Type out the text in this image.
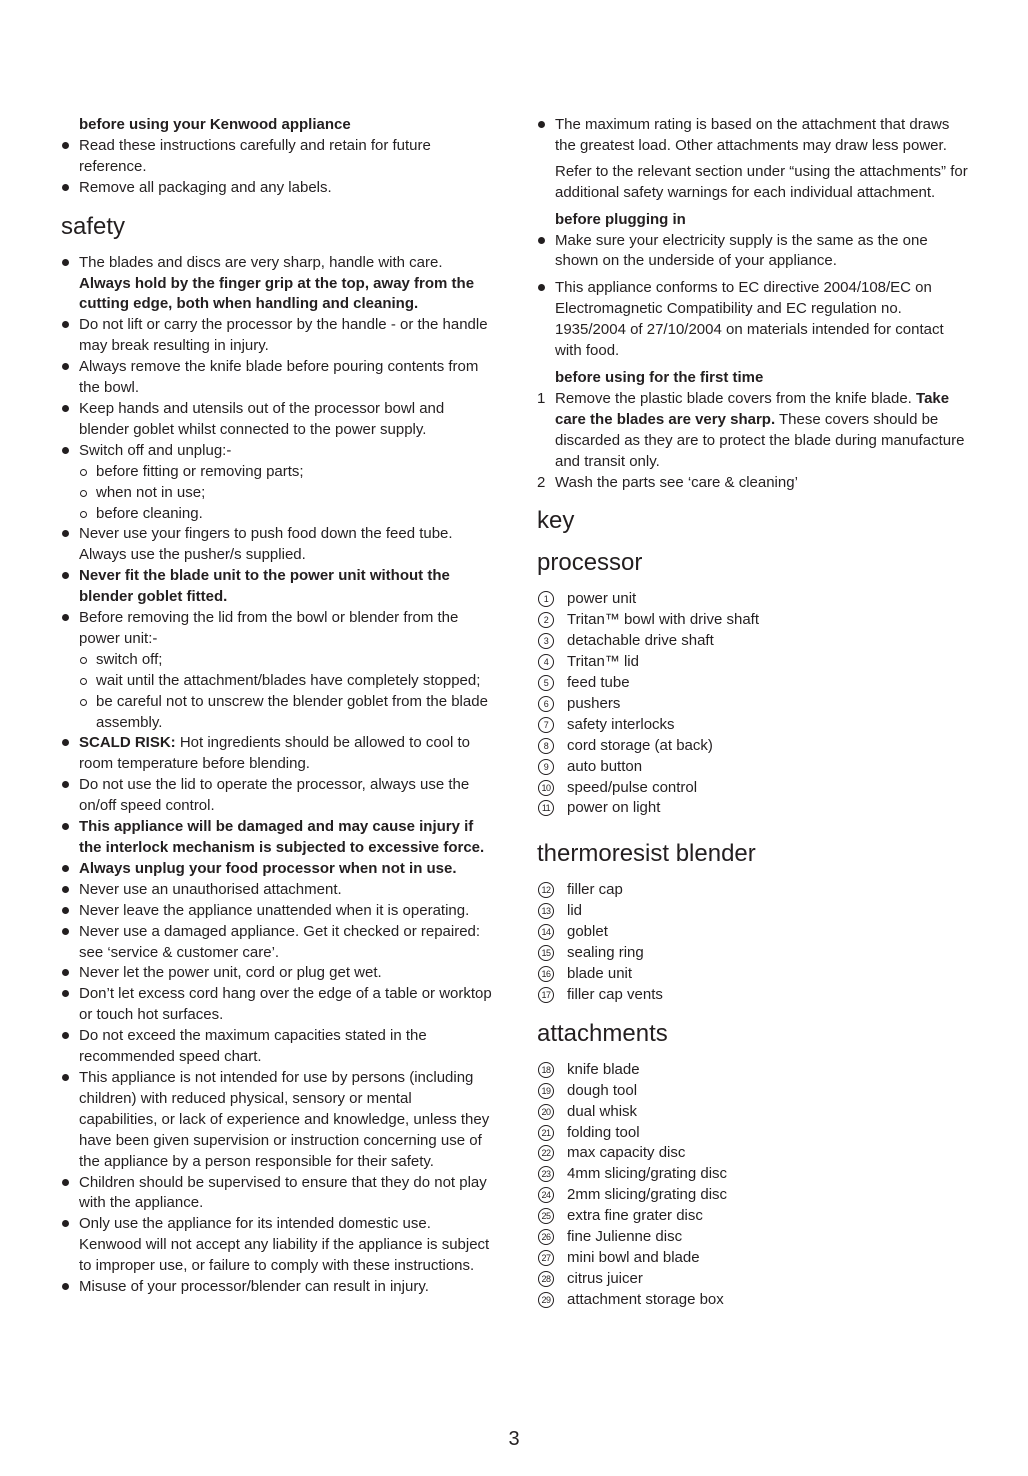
before using your Kenwood appliance

Read these instructions carefully and retain for future reference.
Remove all packaging and any labels.
safety
The blades and discs are very sharp, handle with care.
Always hold by the finger grip at the top, away from the cutting edge, both when handling and cleaning.
Do not lift or carry the processor by the handle - or the handle may break resulting in injury.
Always remove the knife blade before pouring contents from the bowl.
Keep hands and utensils out of the processor bowl and blender goblet whilst connected to the power supply.
Switch off and unplug:-
before fitting or removing parts;
when not in use;
before cleaning.
Never use your fingers to push food down the feed tube. Always use the pusher/s supplied.
Never fit the blade unit to the power unit without the blender goblet fitted.
Before removing the lid from the bowl or blender from the power unit:-
switch off;
wait until the attachment/blades have completely stopped;
be careful not to unscrew the blender goblet from the blade assembly.
SCALD RISK: Hot ingredients should be allowed to cool to room temperature before blending.
Do not use the lid to operate the processor, always use the on/off speed control.
This appliance will be damaged and may cause injury if the interlock mechanism is subjected to excessive force.
Always unplug your food processor when not in use.
Never use an unauthorised attachment.
Never leave the appliance unattended when it is operating.
Never use a damaged appliance. Get it checked or repaired: see ‘service & customer care’.
Never let the power unit, cord or plug get wet.
Don’t let excess cord hang over the edge of a table or worktop or touch hot surfaces.
Do not exceed the maximum capacities stated in the recommended speed chart.
This appliance is not intended for use by persons (including children) with reduced physical, sensory or mental capabilities, or lack of experience and knowledge, unless they have been given supervision or instruction concerning use of the appliance by a person responsible for their safety.
Children should be supervised to ensure that they do not play with the appliance.
Only use the appliance for its intended domestic use. Kenwood will not accept any liability if the appliance is subject to improper use, or failure to comply with these instructions.
Misuse of your processor/blender can result in injury.
The maximum rating is based on the attachment that draws the greatest load. Other attachments may draw less power.

Refer to the relevant section under “using the attachments” for additional safety warnings for each individual attachment.

before plugging in

Make sure your electricity supply is the same as the one shown on the underside of your appliance.
This appliance conforms to EC directive 2004/108/EC on Electromagnetic Compatibility and EC regulation no. 1935/2004 of 27/10/2004 on materials intended for contact with food.

before using for the first time

1 Remove the plastic blade covers from the knife blade. Take care the blades are very sharp. These covers should be discarded as they are to protect the blade during manufacture and transit only.
2 Wash the parts see ‘care & cleaning’
key
processor
1	power unit
2	Tritan™ bowl with drive shaft
3	detachable drive shaft
4	Tritan™ lid
5	feed tube
6	pushers
7	safety interlocks
8	cord storage (at back)
9	auto button
10 speed/pulse control
11 power on light
thermoresist blender
12 filler cap
13 lid
14 goblet
15 sealing ring
16 blade unit
17 filler cap vents
attachments
18 knife blade
19 dough tool
20 dual whisk
21 folding tool
22 max capacity disc
23 4mm slicing/grating disc
24 2mm slicing/grating disc
25 extra fine grater disc
26 fine Julienne disc
27 mini bowl and blade
28 citrus juicer
29 attachment storage box
3
